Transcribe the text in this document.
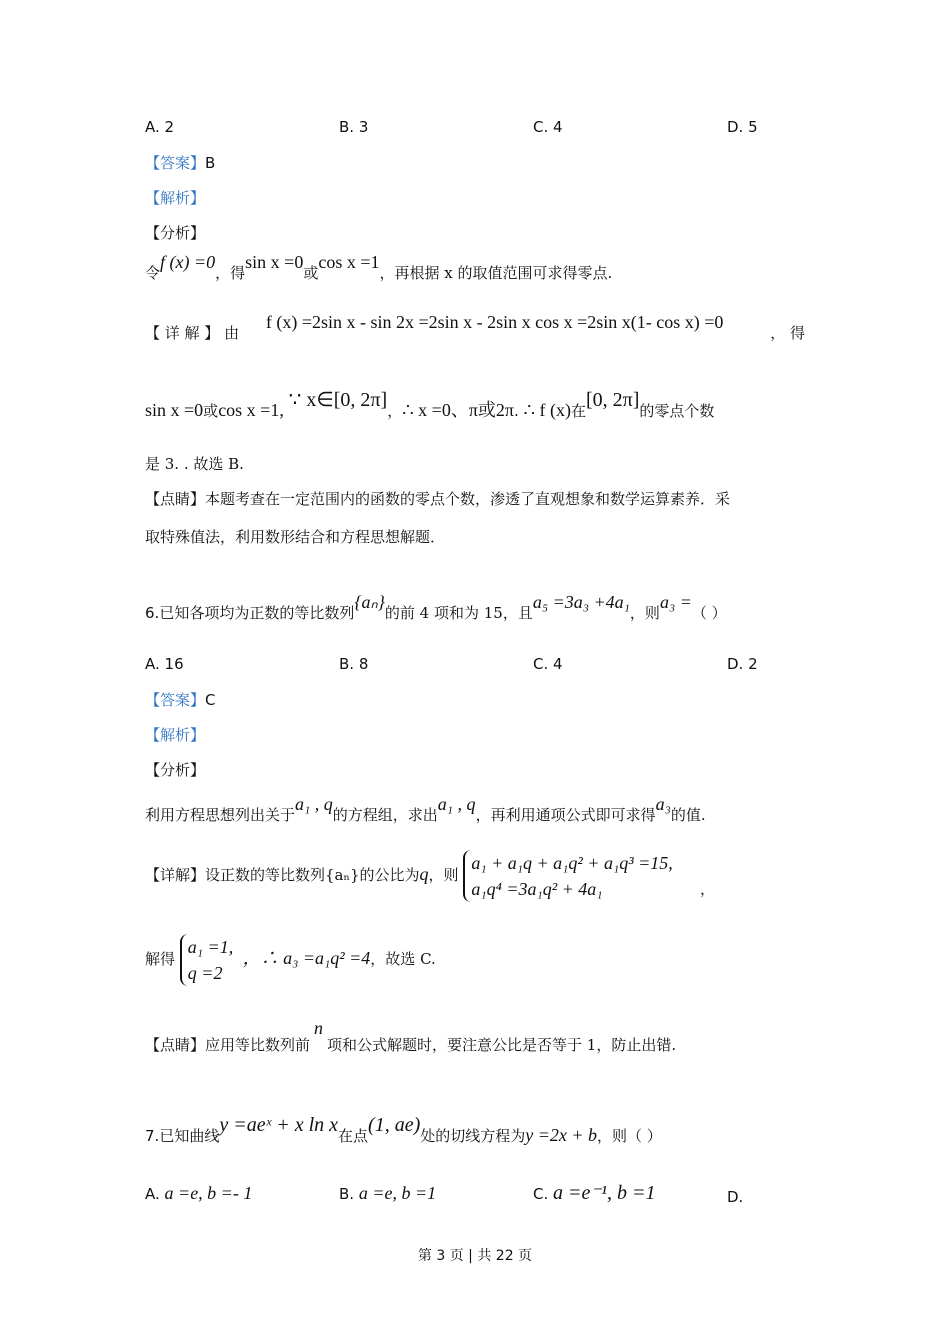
A. 2	B. 3	C. 4	D. 5
【答案】B
【解析】
【分析】
令f (x) =0，得sin x =0或cos x =1，再根据 x 的取值范围可求得零点.
【 详 解 】 由 f (x) =2sin x - sin 2x =2sin x - 2sin x cos x =2sin x(1- cos x) =0
， 得
sin x =0或cos x =1, ∵ x∈[0, 2π]，∴ x =0、π或2π. ∴ f (x)在[0, 2π]的零点个数
是 3. . 故选 B.
【点睛】本题考查在一定范围内的函数的零点个数，渗透了直观想象和数学运算素养．采
取特殊值法，利用数形结合和方程思想解题．
6.已知各项均为正数的等比数列{aₙ}的前 4 项和为 15，且a₅ =3a₃ +4a₁，则a₃ =（ ）
A. 16	B. 8	C. 4	D. 2
【答案】C
【解析】
【分析】
利用方程思想列出关于a₁ , q的方程组，求出a₁ , q，再利用通项公式即可求得a₃的值.
【详解】设正数的等比数列{aₙ}的公比为q，则 a₁ + a₁q + a₁q² + a₁q³ =15,
a₁q⁴ =3a₁q² + 4a₁	，
解得 a₁ =1,
q =2 ，∴ a₃ =a₁q² =4，故选 C.
【点睛】应用等比数列前n项和公式解题时，要注意公比是否等于 1，防止出错.
7.已知曲线y =aeˣ + x ln x在点(1, ae)处的切线方程为y =2x + b，则（ ）
A. a =e, b =- 1	B. a =e, b =1	C. a =e⁻¹, b =1	D.
第 3 页 | 共 22 页
